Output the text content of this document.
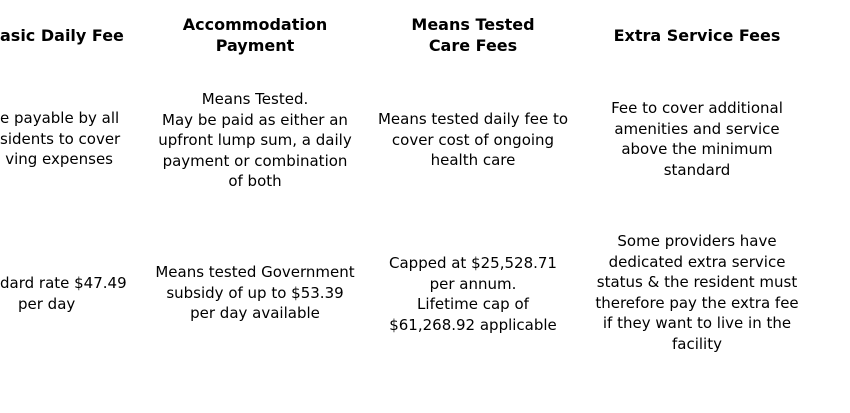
asic Daily Fee
Accommodation
Payment
Means Tested
Care Fees
Extra Service Fees
e payable by all
sidents to cover
ving expenses
Means Tested.
May be paid as either an
upfront lump sum, a daily
payment or combination
of both
Means tested daily fee to
cover cost of ongoing
health care
Fee to cover additional
amenities and service
above the minimum
standard
dard rate $47.49
per day
Means tested Government
subsidy of up to $53.39
per day available
Capped at $25,528.71
per annum.
Lifetime cap of
$61,268.92 applicable
Some providers have
dedicated extra service
status & the resident must
therefore pay the extra fee
if they want to live in the
facility
